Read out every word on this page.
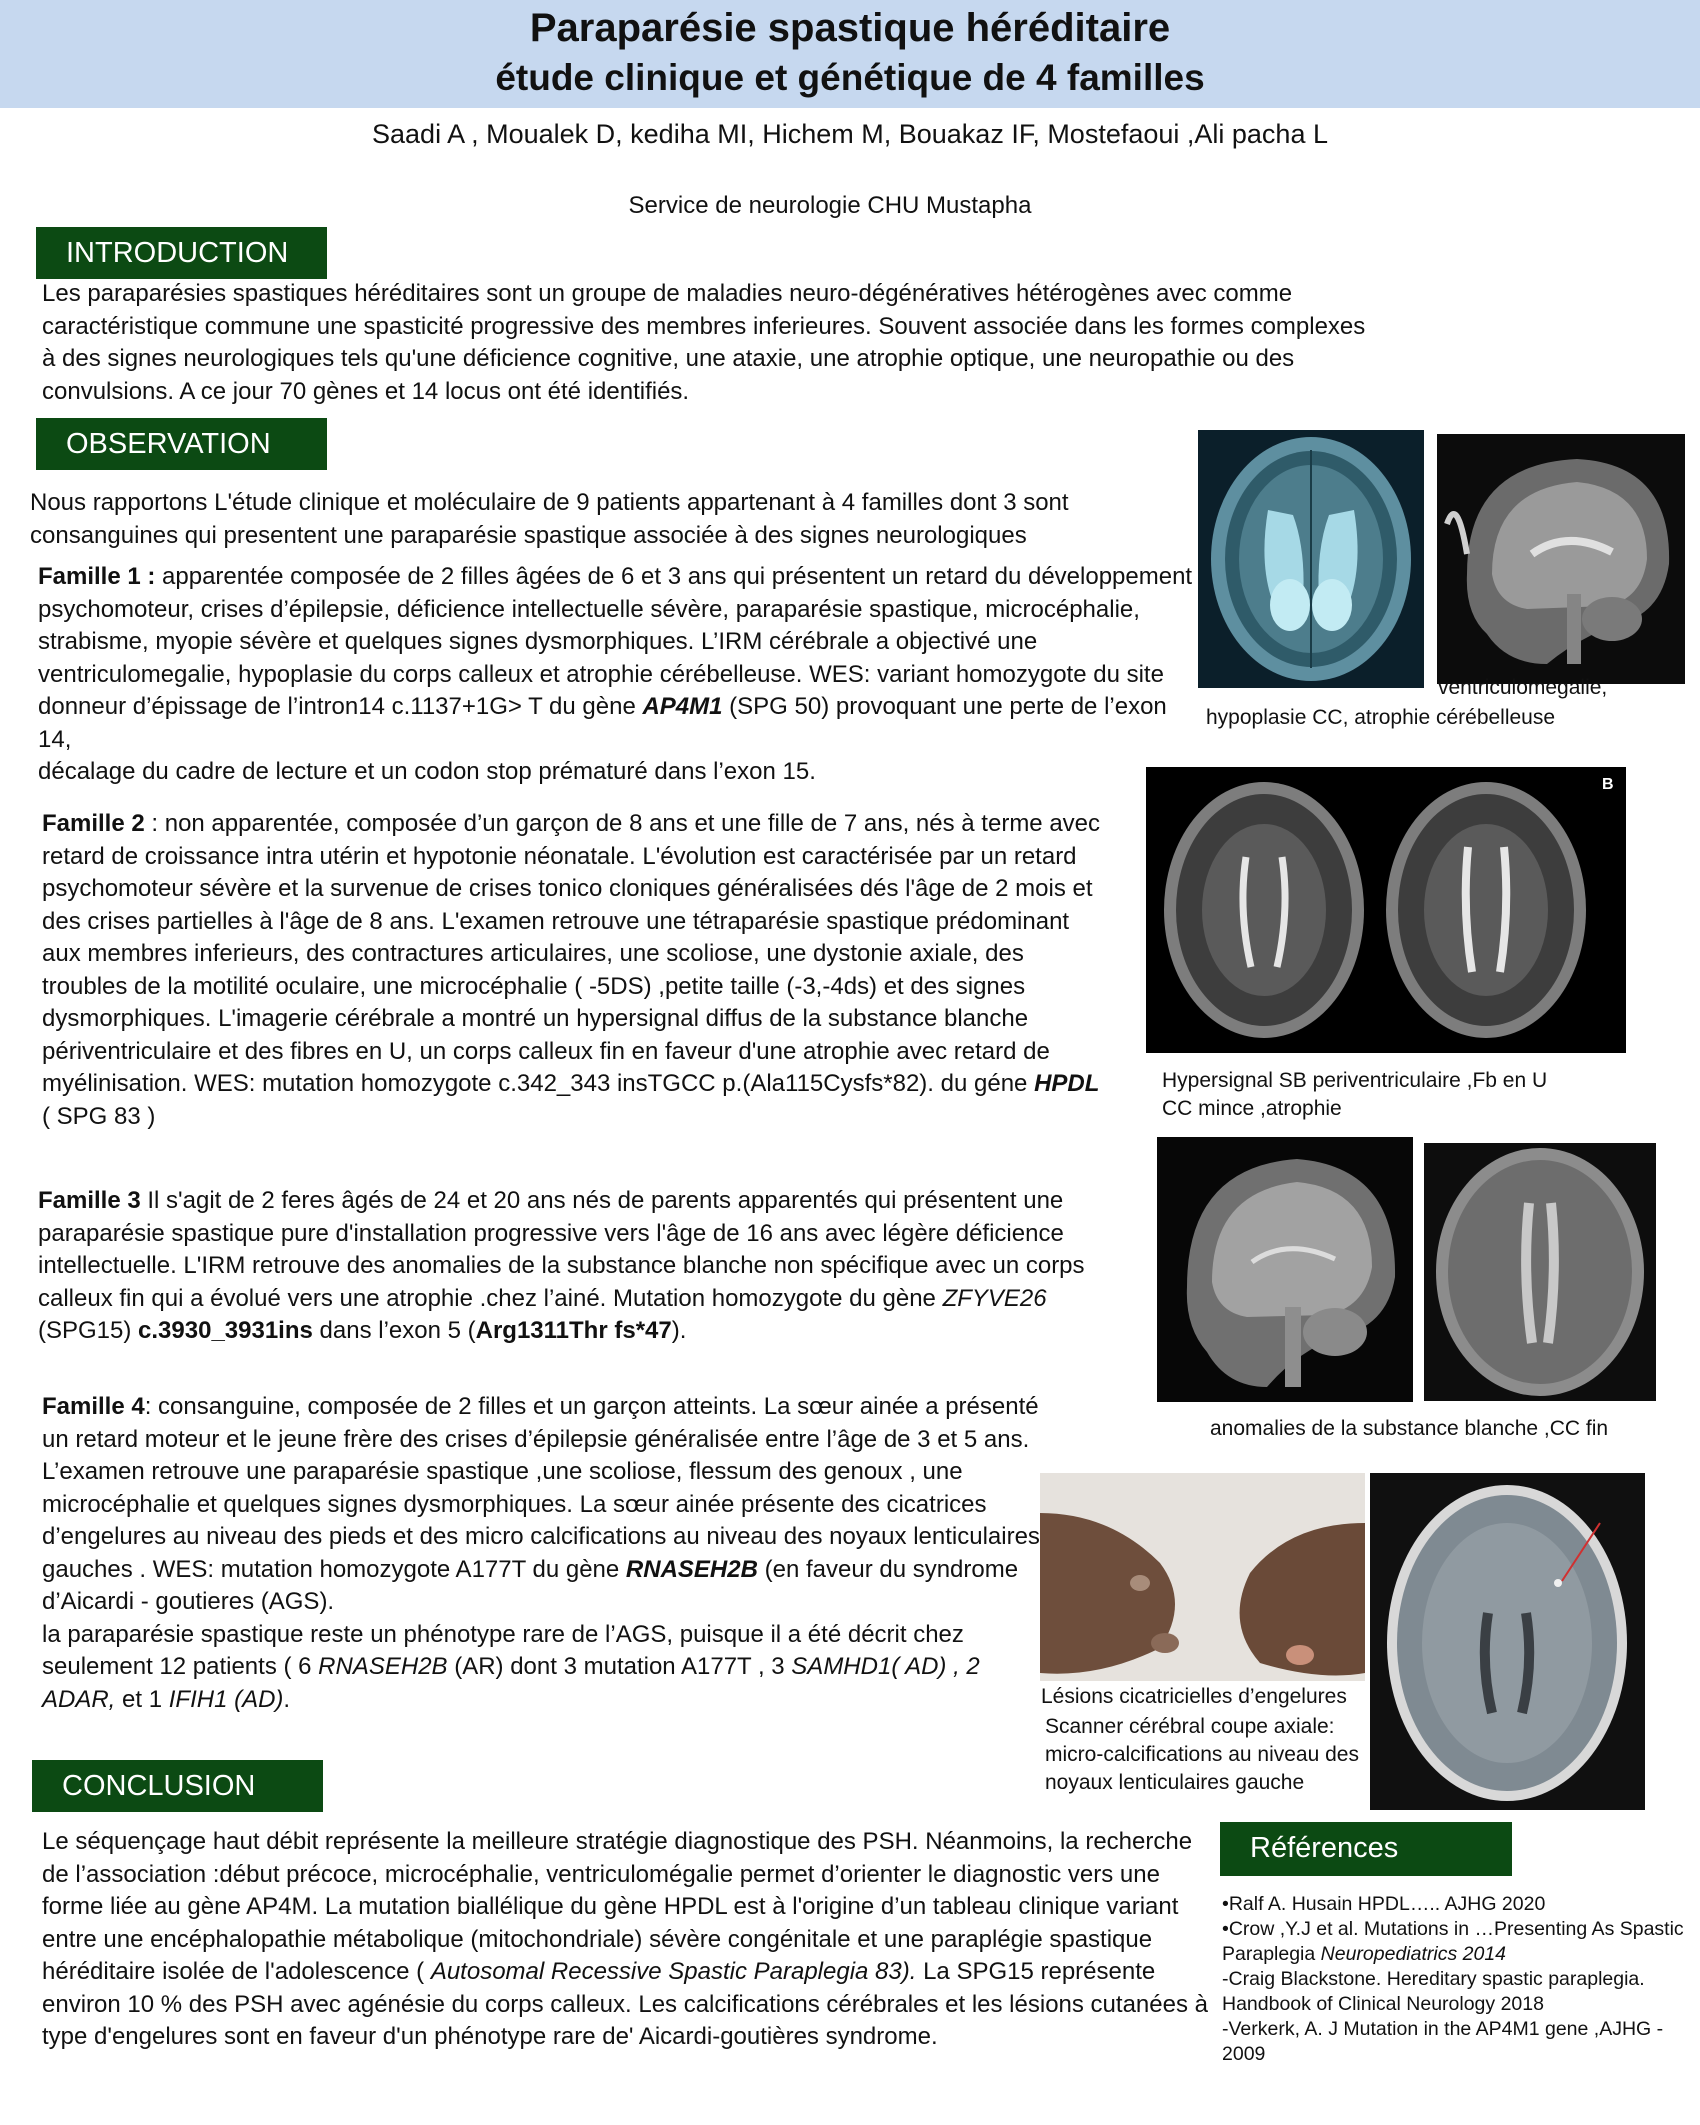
Paraparésie spastique héréditaire
étude clinique et génétique de 4 familles
Saadi A , Moualek D, kediha MI, Hichem M, Bouakaz IF, Mostefaoui ,Ali pacha L
Service de neurologie CHU Mustapha
INTRODUCTION
Les paraparésies spastiques héréditaires sont un groupe de maladies neuro-dégénératives hétérogènes avec comme caractéristique commune une spasticité progressive des membres inferieures. Souvent associée dans les formes complexes à des signes neurologiques tels qu'une déficience cognitive, une ataxie, une atrophie optique, une neuropathie ou des convulsions. A ce jour 70 gènes et 14 locus ont été identifiés.
OBSERVATION
Nous rapportons L'étude clinique et moléculaire de 9 patients appartenant à 4 familles dont 3 sont consanguines qui presentent une paraparésie spastique associée à des signes neurologiques
Famille 1 : apparentée composée de 2 filles âgées de 6 et 3 ans qui présentent un retard du développement psychomoteur, crises d’épilepsie, déficience intellectuelle sévère, paraparésie spastique, microcéphalie, strabisme, myopie sévère et quelques signes dysmorphiques. L’IRM cérébrale a objectivé une ventriculomegalie, hypoplasie du corps calleux et atrophie cérébelleuse. WES: variant homozygote du site donneur d’épissage de l’intron14 c.1137+1G> T du gène AP4M1 (SPG 50) provoquant une perte de l’exon 14,
décalage du cadre de lecture et un codon stop prématuré dans l’exon 15.
Famille 2 : non apparentée, composée d’un garçon de 8 ans et une fille de 7 ans, nés à terme avec retard de croissance intra utérin et hypotonie néonatale. L'évolution est caractérisée par un retard psychomoteur sévère et la survenue de crises tonico cloniques généralisées dés l'âge de 2 mois et des crises partielles à l'âge de 8 ans. L'examen retrouve une tétraparésie spastique prédominant aux membres inferieurs, des contractures articulaires, une scoliose, une dystonie axiale, des troubles de la motilité oculaire, une microcéphalie ( -5DS) ,petite taille (-3,-4ds) et des signes dysmorphiques. L'imagerie cérébrale a montré un hypersignal diffus de la substance blanche périventriculaire et des fibres en U, un corps calleux fin en faveur d'une atrophie avec retard de myélinisation. WES: mutation homozygote c.342_343 insTGCC p.(Ala115Cysfs*82). du géne HPDL ( SPG 83 )
Famille 3 Il s'agit de 2 feres âgés de 24 et 20 ans nés de parents apparentés qui présentent une paraparésie spastique pure d'installation progressive vers l'âge de 16 ans avec légère déficience intellectuelle. L'IRM retrouve des anomalies de la substance blanche non spécifique avec un corps calleux fin qui a évolué vers une atrophie .chez l’ainé. Mutation homozygote du gène ZFYVE26 (SPG15) c.3930_3931ins dans l’exon 5 (Arg1311Thr fs*47).
Famille 4: consanguine, composée de 2 filles et un garçon atteints. La sœur ainée a présenté un retard moteur et le jeune frère des crises d’épilepsie généralisée entre l’âge de 3 et 5 ans. L’examen retrouve une paraparésie spastique ,une scoliose, flessum des genoux , une microcéphalie et quelques signes dysmorphiques. La sœur ainée présente des cicatrices d’engelures au niveau des pieds et des micro calcifications au niveau des noyaux lenticulaires gauches . WES: mutation homozygote A177T du gène RNASEH2B (en faveur du syndrome d’Aicardi - goutieres (AGS).
la paraparésie spastique reste un phénotype rare de l’AGS, puisque il a été décrit chez seulement 12 patients ( 6 RNASEH2B (AR) dont 3 mutation A177T , 3 SAMHD1( AD) , 2 ADAR, et 1 IFIH1 (AD).
ventriculomegalie,
hypoplasie CC, atrophie cérébelleuse
B
Hypersignal SB periventriculaire ,Fb en U
CC mince ,atrophie
anomalies de la substance blanche ,CC fin
Lésions cicatricielles d’engelures
Scanner cérébral coupe axiale:
micro-calcifications au niveau des
noyaux lenticulaires gauche
CONCLUSION
Le séquençage haut débit représente la meilleure stratégie diagnostique des PSH. Néanmoins, la recherche de l’association :début précoce, microcéphalie, ventriculomégalie permet d’orienter le diagnostic vers une forme liée au gène AP4M. La mutation biallélique du gène HPDL est à l'origine d’un tableau clinique variant entre une encéphalopathie métabolique (mitochondriale) sévère congénitale et une paraplégie spastique héréditaire isolée de l'adolescence ( Autosomal Recessive Spastic Paraplegia 83). La SPG15 représente environ 10 % des PSH avec agénésie du corps calleux. Les calcifications cérébrales et les lésions cutanées à type d'engelures sont en faveur d'un phénotype rare de' Aicardi-goutières syndrome.
Références
•Ralf A. Husain HPDL….. AJHG 2020
•Crow ,Y.J et al. Mutations in …Presenting As Spastic Paraplegia Neuropediatrics 2014
-Craig Blackstone. Hereditary spastic paraplegia. Handbook of Clinical Neurology 2018
-Verkerk, A. J Mutation in the AP4M1 gene ,AJHG - 2009
